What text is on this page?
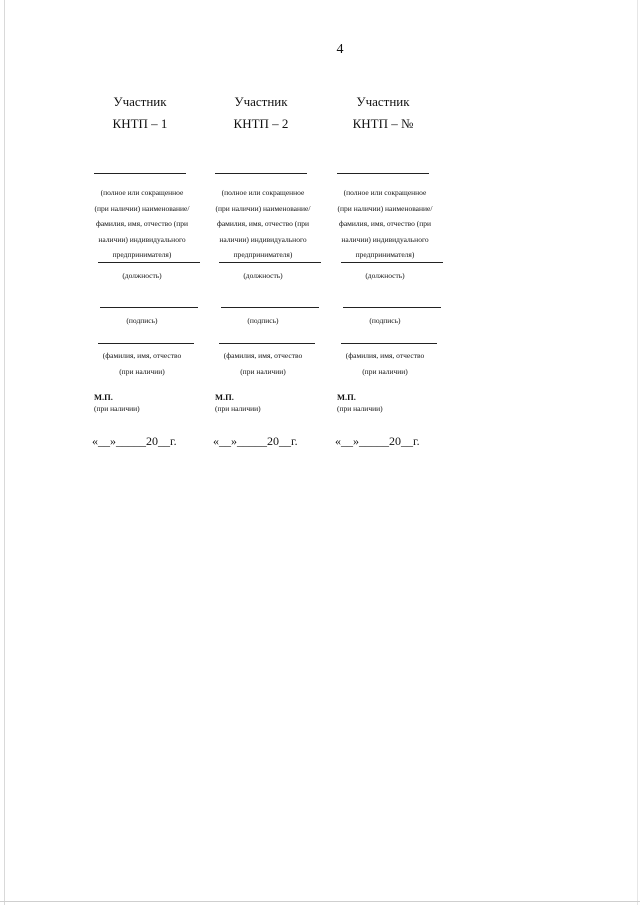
4
Участник
КНТП – 1
(полное или сокращенное
(при наличии) наименование/
фамилия, имя, отчество (при
наличии) индивидуального
предпринимателя)
(должность)
(подпись)
(фамилия, имя, отчество
(при наличии)
М.П.
(при наличии)
«__»_____20__г.
Участник
КНТП – 2
(полное или сокращенное
(при наличии) наименование/
фамилия, имя, отчество (при
наличии) индивидуального
предпринимателя)
(должность)
(подпись)
(фамилия, имя, отчество
(при наличии)
М.П.
(при наличии)
«__»_____20__г.
Участник
КНТП – №
(полное или сокращенное
(при наличии) наименование/
фамилия, имя, отчество (при
наличии) индивидуального
предпринимателя)
(должность)
(подпись)
(фамилия, имя, отчество
(при наличии)
М.П.
(при наличии)
«__»_____20__г.
